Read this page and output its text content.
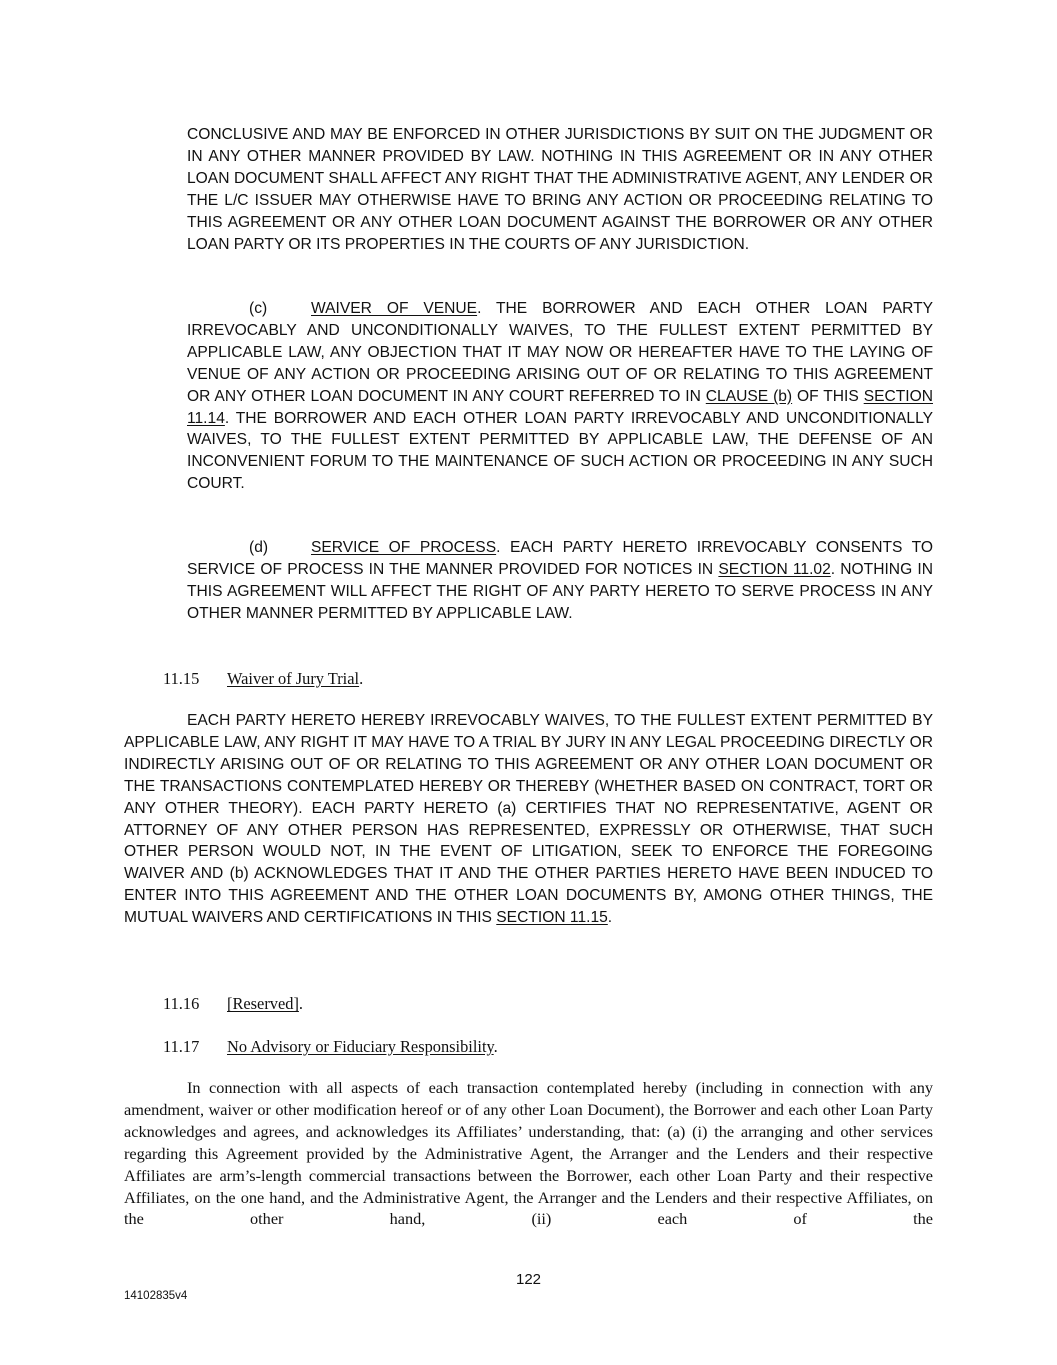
CONCLUSIVE AND MAY BE ENFORCED IN OTHER JURISDICTIONS BY SUIT ON THE JUDGMENT OR IN ANY OTHER MANNER PROVIDED BY LAW. NOTHING IN THIS AGREEMENT OR IN ANY OTHER LOAN DOCUMENT SHALL AFFECT ANY RIGHT THAT THE ADMINISTRATIVE AGENT, ANY LENDER OR THE L/C ISSUER MAY OTHERWISE HAVE TO BRING ANY ACTION OR PROCEEDING RELATING TO THIS AGREEMENT OR ANY OTHER LOAN DOCUMENT AGAINST THE BORROWER OR ANY OTHER LOAN PARTY OR ITS PROPERTIES IN THE COURTS OF ANY JURISDICTION.

(c)	WAIVER OF VENUE. THE BORROWER AND EACH OTHER LOAN PARTY IRREVOCABLY AND UNCONDITIONALLY WAIVES, TO THE FULLEST EXTENT PERMITTED BY APPLICABLE LAW, ANY OBJECTION THAT IT MAY NOW OR HEREAFTER HAVE TO THE LAYING OF VENUE OF ANY ACTION OR PROCEEDING ARISING OUT OF OR RELATING TO THIS AGREEMENT OR ANY OTHER LOAN DOCUMENT IN ANY COURT REFERRED TO IN CLAUSE (b) OF THIS SECTION 11.14. THE BORROWER AND EACH OTHER LOAN PARTY IRREVOCABLY AND UNCONDITIONALLY WAIVES, TO THE FULLEST EXTENT PERMITTED BY APPLICABLE LAW, THE DEFENSE OF AN INCONVENIENT FORUM TO THE MAINTENANCE OF SUCH ACTION OR PROCEEDING IN ANY SUCH COURT.

(d)	SERVICE OF PROCESS. EACH PARTY HERETO IRREVOCABLY CONSENTS TO SERVICE OF PROCESS IN THE MANNER PROVIDED FOR NOTICES IN SECTION 11.02. NOTHING IN THIS AGREEMENT WILL AFFECT THE RIGHT OF ANY PARTY HERETO TO SERVE PROCESS IN ANY OTHER MANNER PERMITTED BY APPLICABLE LAW.

11.15 Waiver of Jury Trial.

EACH PARTY HERETO HEREBY IRREVOCABLY WAIVES, TO THE FULLEST EXTENT PERMITTED BY APPLICABLE LAW, ANY RIGHT IT MAY HAVE TO A TRIAL BY JURY IN ANY LEGAL PROCEEDING DIRECTLY OR INDIRECTLY ARISING OUT OF OR RELATING TO THIS AGREEMENT OR ANY OTHER LOAN DOCUMENT OR THE TRANSACTIONS CONTEMPLATED HEREBY OR THEREBY (WHETHER BASED ON CONTRACT, TORT OR ANY OTHER THEORY). EACH PARTY HERETO (a) CERTIFIES THAT NO REPRESENTATIVE, AGENT OR ATTORNEY OF ANY OTHER PERSON HAS REPRESENTED, EXPRESSLY OR OTHERWISE, THAT SUCH OTHER PERSON WOULD NOT, IN THE EVENT OF LITIGATION, SEEK TO ENFORCE THE FOREGOING WAIVER AND (b) ACKNOWLEDGES THAT IT AND THE OTHER PARTIES HERETO HAVE BEEN INDUCED TO ENTER INTO THIS AGREEMENT AND THE OTHER LOAN DOCUMENTS BY, AMONG OTHER THINGS, THE MUTUAL WAIVERS AND CERTIFICATIONS IN THIS SECTION 11.15.

11.16 [Reserved].

11.17 No Advisory or Fiduciary Responsibility.

In connection with all aspects of each transaction contemplated hereby (including in connection with any amendment, waiver or other modification hereof or of any other Loan Document), the Borrower and each other Loan Party acknowledges and agrees, and acknowledges its Affiliates’ understanding, that: (a) (i) the arranging and other services regarding this Agreement provided by the Administrative Agent, the Arranger and the Lenders and their respective Affiliates are arm’s-length commercial transactions between the Borrower, each other Loan Party and their respective Affiliates, on the one hand, and the Administrative Agent, the Arranger and the Lenders and their respective Affiliates, on the other hand, (ii) each of the

122
14102835v4
